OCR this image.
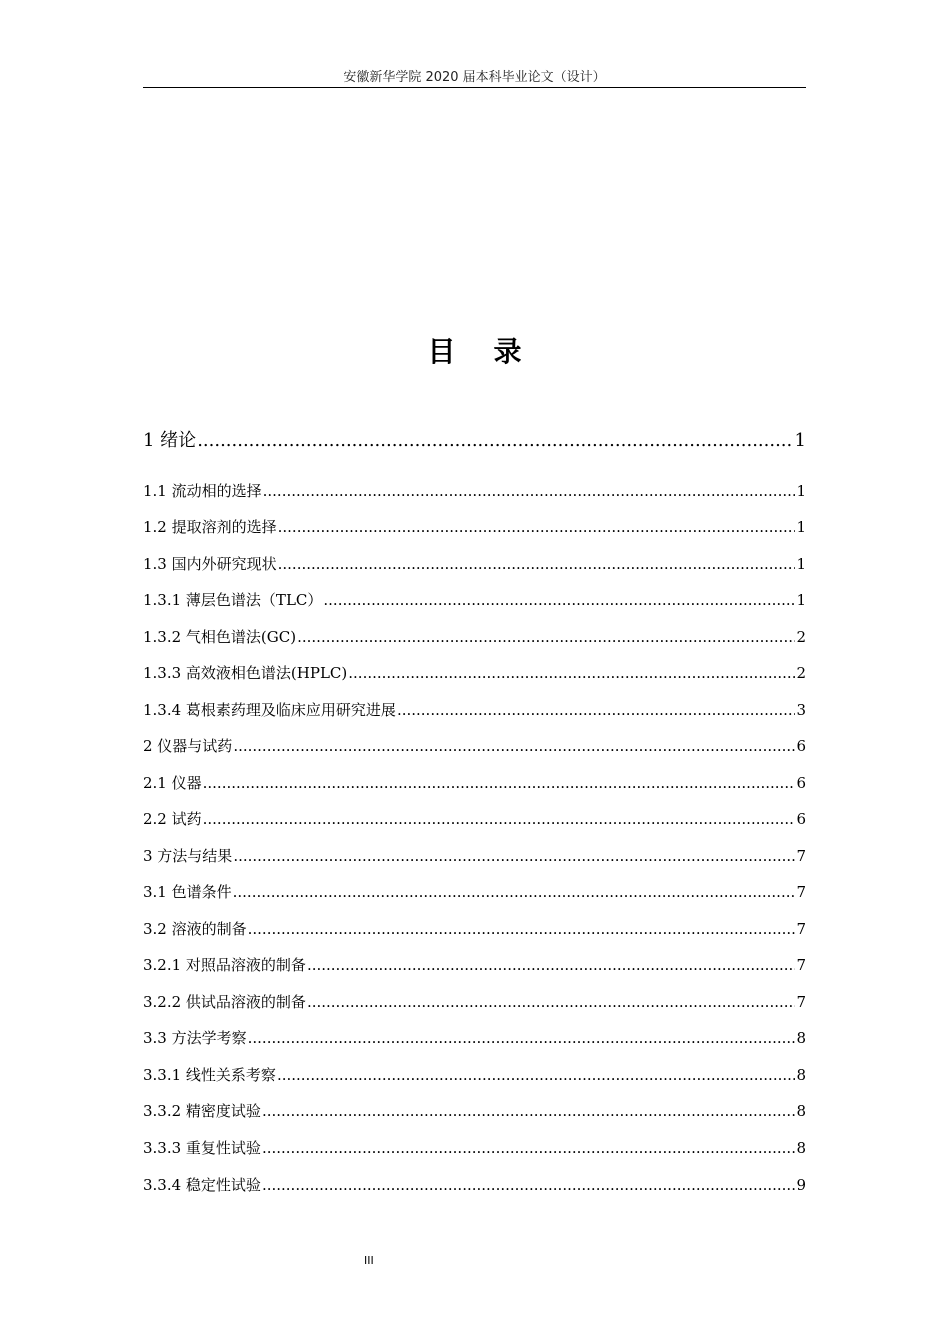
安徽新华学院 2020 届本科毕业论文（设计）
目录
1 绪论 .....	1
1.1 流动相的选择 .....	1
1.2 提取溶剂的选择 .....	1
1.3 国内外研究现状 .....	1
1.3.1 薄层色谱法（TLC） .....	1
1.3.2 气相色谱法(GC) .....	2
1.3.3 高效液相色谱法(HPLC) .....	2
1.3.4 葛根素药理及临床应用研究进展 .....	3
2 仪器与试药 .....	6
2.1 仪器 .....	6
2.2 试药 .....	6
3 方法与结果 .....	7
3.1 色谱条件 .....	7
3.2 溶液的制备 .....	7
3.2.1 对照品溶液的制备 .....	7
3.2.2 供试品溶液的制备 .....	7
3.3 方法学考察 .....	8
3.3.1 线性关系考察 .....	8
3.3.2 精密度试验 .....	8
3.3.3 重复性试验 .....	8
3.3.4 稳定性试验 .....	9
III
